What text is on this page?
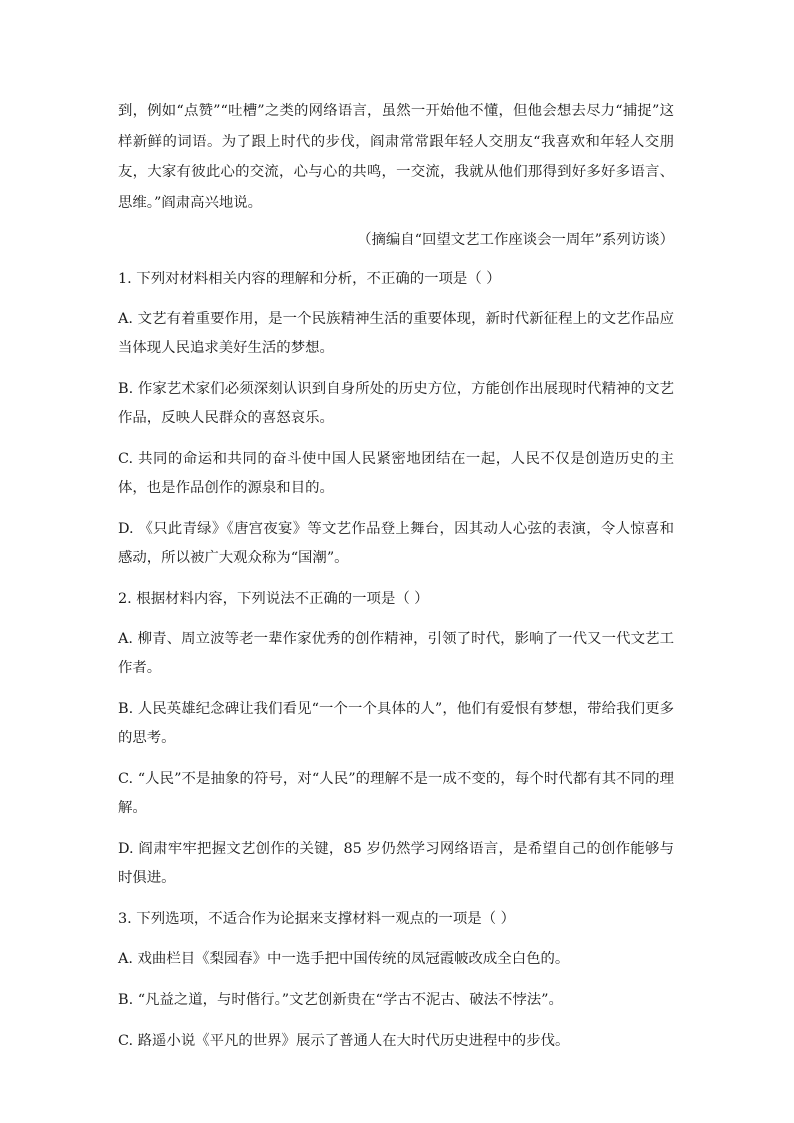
到，例如“点赞”“吐槽”之类的网络语言，虽然一开始他不懂，但他会想去尽力“捕捉”这样新鲜的词语。为了跟上时代的步伐，阎肃常常跟年轻人交朋友“我喜欢和年轻人交朋友，大家有彼此心的交流，心与心的共鸣，一交流，我就从他们那得到好多好多语言、思维。”阎肃高兴地说。

（摘编自“回望文艺工作座谈会一周年”系列访谈）

1. 下列对材料相关内容的理解和分析，不正确的一项是（ ）

A. 文艺有着重要作用，是一个民族精神生活的重要体现，新时代新征程上的文艺作品应当体现人民追求美好生活的梦想。

B. 作家艺术家们必须深刻认识到自身所处的历史方位，方能创作出展现时代精神的文艺作品，反映人民群众的喜怒哀乐。

C. 共同的命运和共同的奋斗使中国人民紧密地团结在一起，人民不仅是创造历史的主体，也是作品创作的源泉和目的。

D. 《只此青绿》《唐宫夜宴》等文艺作品登上舞台，因其动人心弦的表演，令人惊喜和感动，所以被广大观众称为“国潮”。

2. 根据材料内容，下列说法不正确的一项是（ ）

A. 柳青、周立波等老一辈作家优秀的创作精神，引领了时代，影响了一代又一代文艺工作者。

B. 人民英雄纪念碑让我们看见“一个一个具体的人”，他们有爱恨有梦想，带给我们更多的思考。

C. “人民”不是抽象的符号，对“人民”的理解不是一成不变的，每个时代都有其不同的理解。

D. 阎肃牢牢把握文艺创作的关键，85 岁仍然学习网络语言，是希望自己的创作能够与时俱进。

3. 下列选项，不适合作为论据来支撑材料一观点的一项是（ ）

A. 戏曲栏目《梨园春》中一选手把中国传统的凤冠霞帔改成全白色的。

B. “凡益之道，与时偕行。”文艺创新贵在“学古不泥古、破法不悖法”。

C. 路遥小说《平凡的世界》展示了普通人在大时代历史进程中的步伐。
